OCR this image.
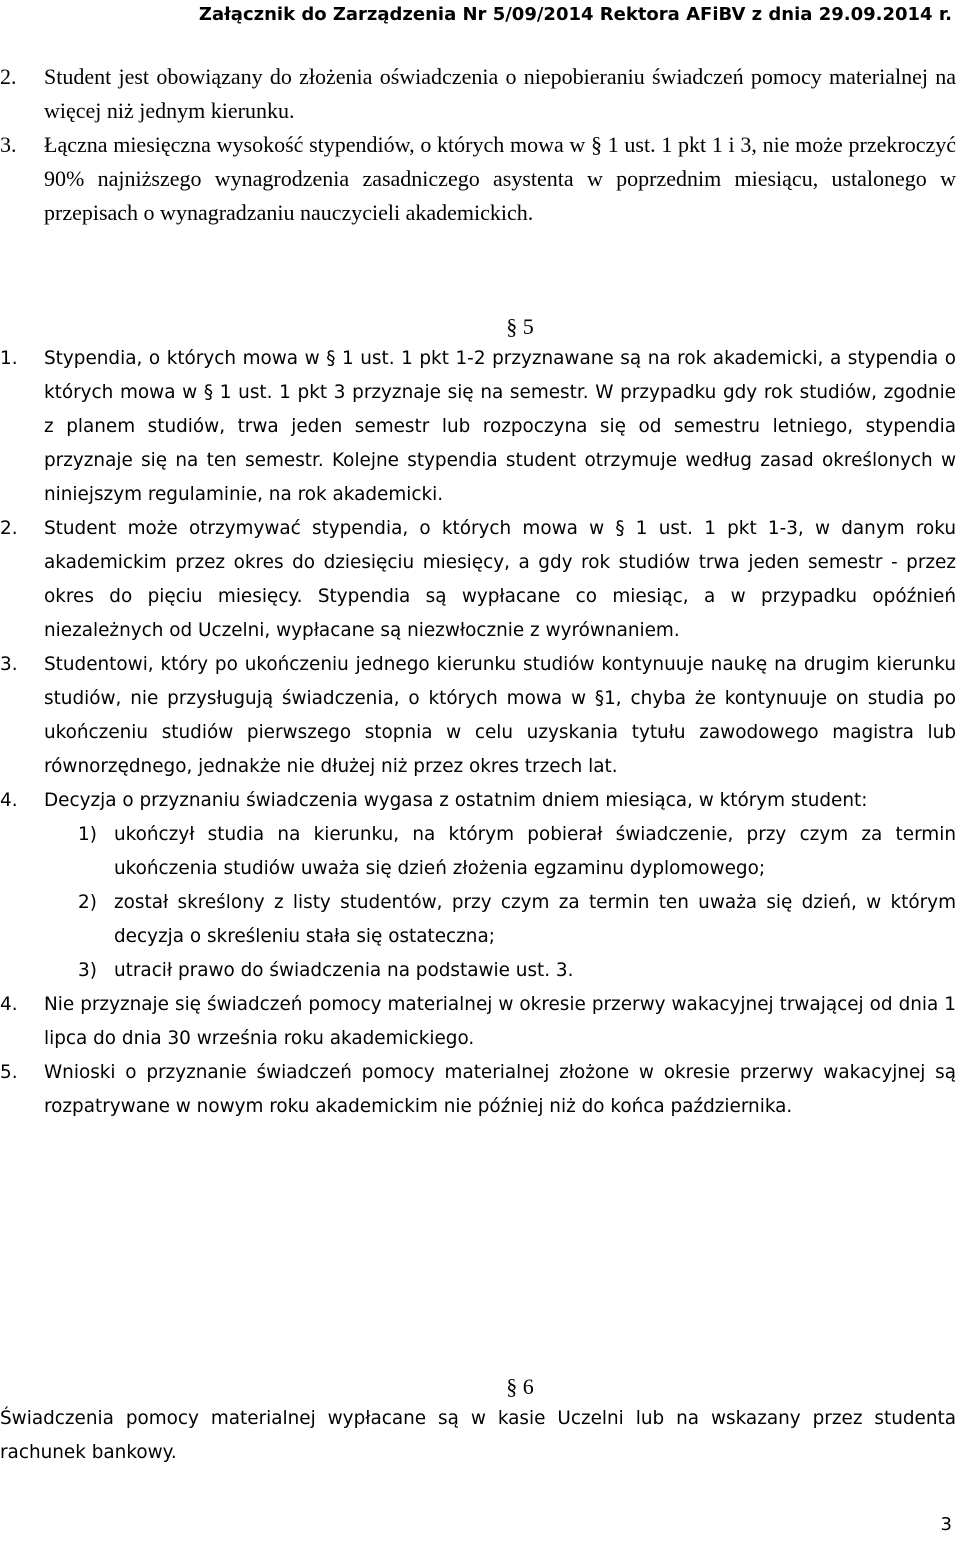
Załącznik do Zarządzenia Nr 5/09/2014 Rektora AFiBV z dnia 29.09.2014 r.
2.	Student jest obowiązany do złożenia oświadczenia o niepobieraniu świadczeń pomocy materialnej na więcej niż jednym kierunku.
3.	Łączna miesięczna wysokość stypendiów, o których mowa w § 1 ust. 1 pkt 1 i 3, nie może przekroczyć 90% najniższego wynagrodzenia zasadniczego asystenta w poprzednim miesiącu, ustalonego w przepisach o wynagradzaniu nauczycieli akademickich.
§ 5
1.	Stypendia, o których mowa w § 1 ust. 1 pkt 1-2 przyznawane są na rok akademicki, a stypendia o których mowa w § 1 ust. 1 pkt 3 przyznaje się na semestr. W przypadku gdy rok studiów, zgodnie z planem studiów, trwa jeden semestr lub rozpoczyna się od semestru letniego, stypendia przyznaje się na ten semestr. Kolejne stypendia student otrzymuje według zasad określonych w niniejszym regulaminie, na rok akademicki.
2.	Student może otrzymywać stypendia, o których mowa w § 1 ust. 1 pkt 1-3, w danym roku akademickim przez okres do dziesięciu miesięcy, a gdy rok studiów trwa jeden semestr - przez okres do pięciu miesięcy. Stypendia są wypłacane co miesiąc, a w przypadku opóźnień niezależnych od Uczelni, wypłacane są niezwłocznie z wyrównaniem.
3.	Studentowi, który po ukończeniu jednego kierunku studiów kontynuuje naukę na drugim kierunku studiów, nie przysługują świadczenia, o których mowa w §1, chyba że kontynuuje on studia po ukończeniu studiów pierwszego stopnia w celu uzyskania tytułu zawodowego magistra lub równorzędnego, jednakże nie dłużej niż przez okres trzech lat.
4.	Decyzja o przyznaniu świadczenia wygasa z ostatnim dniem miesiąca, w którym student:
1) ukończył studia na kierunku, na którym pobierał świadczenie, przy czym za termin ukończenia studiów uważa się dzień złożenia egzaminu dyplomowego;
2) został skreślony z listy studentów, przy czym za termin ten uważa się dzień, w którym decyzja o skreśleniu stała się ostateczna;
3) utracił prawo do świadczenia na podstawie ust. 3.
4.	Nie przyznaje się świadczeń pomocy materialnej w okresie przerwy wakacyjnej trwającej od dnia 1 lipca do dnia 30 września roku akademickiego.
5.	Wnioski o przyznanie świadczeń pomocy materialnej złożone w okresie przerwy wakacyjnej są rozpatrywane w nowym roku akademickim nie później niż do końca października.
§ 6
Świadczenia pomocy materialnej wypłacane są w kasie Uczelni lub na wskazany przez studenta rachunek bankowy.
3
